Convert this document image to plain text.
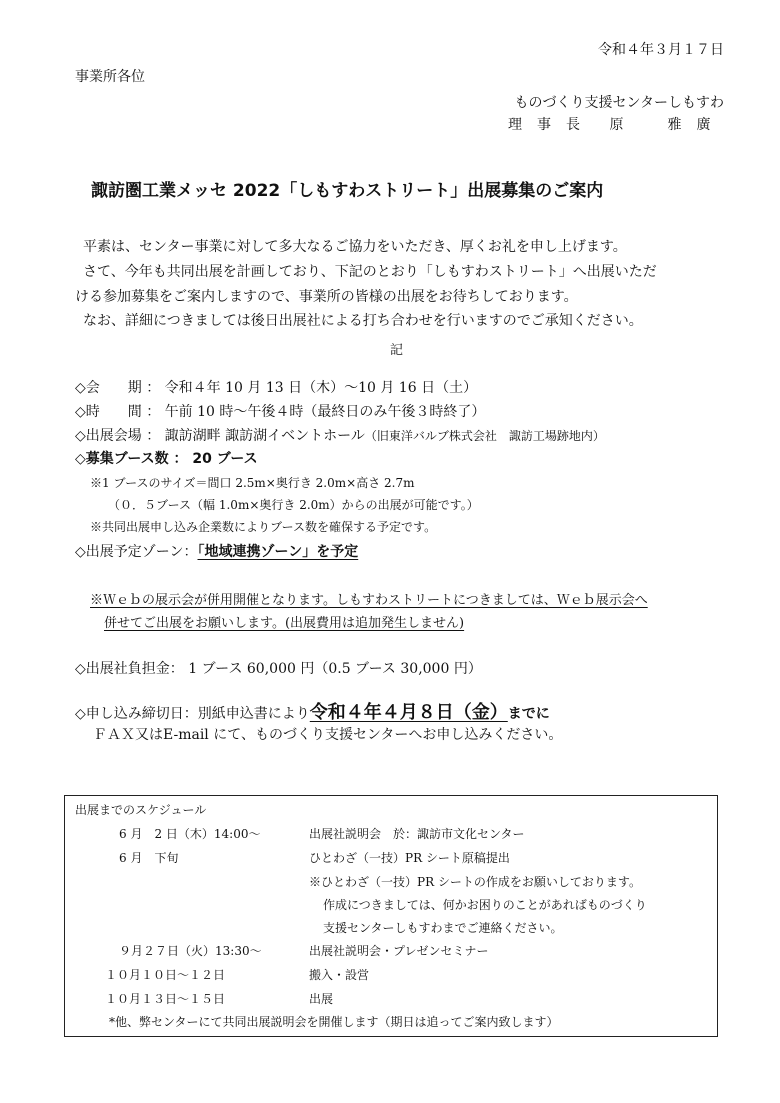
令和４年３月１７日
事業所各位
ものづくり支援センターしもすわ
理　事　長　　原　　　雅　廣
諏訪圏工業メッセ 2022「しもすわストリート」出展募集のご案内
平素は、センター事業に対して多大なるご協力をいただき、厚くお礼を申し上げます。
さて、今年も共同出展を計画しており、下記のとおり「しもすわストリート」へ出展いただ
ける参加募集をご案内しますので、事業所の皆様の出展をお待ちしております。
なお、詳細につきましては後日出展社による打ち合わせを行いますのでご承知ください。
記
◇会　　期 ： 令和４年 10 月 13 日（木）～10 月 16 日（土）
◇時　　間 ： 午前 10 時～午後４時（最終日のみ午後３時終了）
◇出展会場 ： 諏訪湖畔 諏訪湖イベントホール（旧東洋バルブ株式会社　諏訪工場跡地内）
◇募集ブース数 ： 20 ブース
※1 ブースのサイズ＝間口 2.5m×奥行き 2.0m×高さ 2.7m
（０．５ブース（幅 1.0m×奥行き 2.0m）からの出展が可能です。）
※共同出展申し込み企業数によりブース数を確保する予定です。
◇出展予定ゾーン：「地域連携ゾーン」を予定
※Ｗｅｂの展示会が併用開催となります。しもすわストリートにつきましては、Ｗｅｂ展示会へ
併せてご出展をお願いします。(出展費用は追加発生しません)
◇出展社負担金： 1 ブース 60,000 円（0.5 ブース 30,000 円）
◇申し込み締切日：別紙申込書により令和４年４月８日（金）までに
ＦＡＸ又はE-mail にて、ものづくり支援センターへお申し込みください。
出展までのスケジュール
6 月　2 日（木）14:00～	出展社説明会　於：諏訪市文化センター
6 月　下旬	ひとわざ（一技）PR シート原稿提出
※ひとわざ（一技）PR シートの作成をお願いしております。
作成につきましては、何かお困りのことがあればものづくり
支援センターしもすわまでご連絡ください。
９月２７日（火）13:30～	出展社説明会・プレゼンセミナー
１０月１０日～１２日	搬入・設営
１０月１３日～１５日	出展
*他、弊センターにて共同出展説明会を開催します（期日は追ってご案内致します）
